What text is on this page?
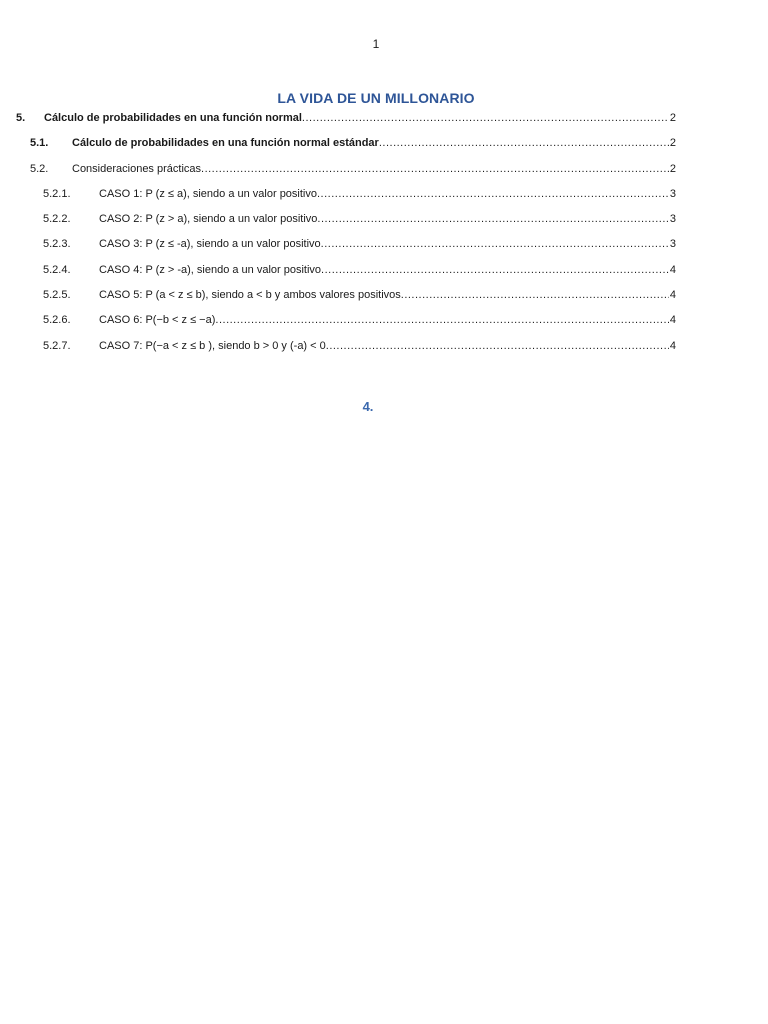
1
LA VIDA DE UN MILLONARIO
5. Cálculo de probabilidades en una función normal .....	2
5.1. Cálculo de probabilidades en una función normal estándar .....	2
5.2. Consideraciones prácticas .....	2
5.2.1.	CASO 1: P (z ≤ a), siendo a un valor positivo .....	3
5.2.2.	CASO 2: P (z > a), siendo a un valor positivo .....	3
5.2.3.	CASO 3: P (z ≤ -a), siendo a un valor positivo .....	3
5.2.4.	CASO 4: P (z > -a), siendo a un valor positivo .....	4
5.2.5.	CASO 5: P (a < z ≤ b), siendo a < b y ambos valores positivos .....	4
5.2.6.	CASO 6: P(−b < z ≤ −a) .....	4
5.2.7.	CASO 7: P(−a < z ≤ b ), siendo b > 0 y (-a) < 0 .....	4
4.
